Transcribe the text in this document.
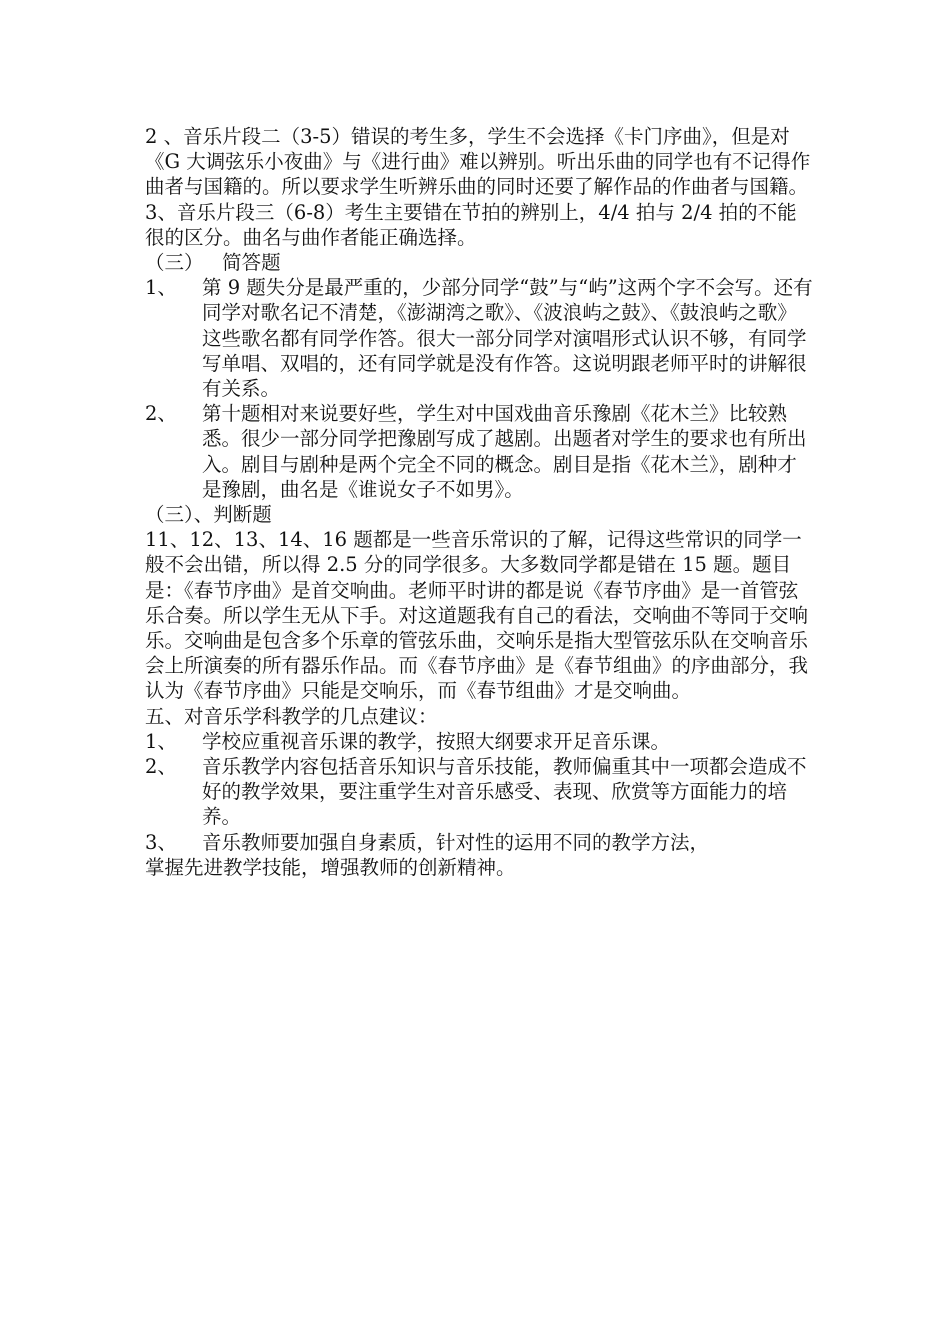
2 、音乐片段二（3-5）错误的考生多，学生不会选择《卡门序曲》，但是对《G 大调弦乐小夜曲》与《进行曲》难以辨别。听出乐曲的同学也有不记得作曲者与国籍的。所以要求学生听辨乐曲的同时还要了解作品的作曲者与国籍。

3、音乐片段三（6-8）考生主要错在节拍的辨别上，4/4 拍与 2/4 拍的不能很的区分。曲名与曲作者能正确选择。

（三）   简答题

1、 第 9 题失分是最严重的，少部分同学“鼓”与“屿”这两个字不会写。还有同学对歌名记不清楚，《澎湖湾之歌》、《波浪屿之鼓》、《鼓浪屿之歌》这些歌名都有同学作答。很大一部分同学对演唱形式认识不够，有同学写单唱、双唱的，还有同学就是没有作答。这说明跟老师平时的讲解很有关系。
2、 第十题相对来说要好些，学生对中国戏曲音乐豫剧《花木兰》比较熟悉。很少一部分同学把豫剧写成了越剧。出题者对学生的要求也有所出入。剧目与剧种是两个完全不同的概念。剧目是指《花木兰》，剧种才是豫剧，曲名是《谁说女子不如男》。

（三）、判断题

11、12、13、14、16 题都是一些音乐常识的了解，记得这些常识的同学一般不会出错，所以得 2.5 分的同学很多。大多数同学都是错在 15 题。题目是：《春节序曲》是首交响曲。老师平时讲的都是说《春节序曲》是一首管弦乐合奏。所以学生无从下手。对这道题我有自己的看法，交响曲不等同于交响乐。交响曲是包含多个乐章的管弦乐曲，交响乐是指大型管弦乐队在交响音乐会上所演奏的所有器乐作品。而《春节序曲》是《春节组曲》的序曲部分，我认为《春节序曲》只能是交响乐，而《春节组曲》才是交响曲。

五、对音乐学科教学的几点建议：

1、 学校应重视音乐课的教学，按照大纲要求开足音乐课。
2、 音乐教学内容包括音乐知识与音乐技能，教师偏重其中一项都会造成不好的教学效果，要注重学生对音乐感受、表现、欣赏等方面能力的培养。
3、 音乐教师要加强自身素质，针对性的运用不同的教学方法，

掌握先进教学技能，增强教师的创新精神。
